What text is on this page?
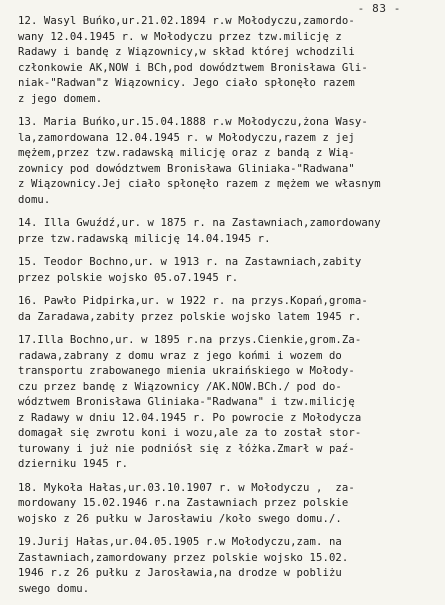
- 83 -
12. Wasyl Buńko,ur.21.02.1894 r.w Mołodyczu,zamordo-
wany 12.04.1945 r. w Mołodyczu przez tzw.milicję z
Radawy i bandę z Wiązownicy,w skład której wchodzili
członkowie AK,NOW i BCh,pod dowództwem Bronisława Gli-
niak-"Radwan"z Wiązownicy. Jego ciało spłonęło razem
z jego domem.
13. Maria Buńko,ur.15.04.1888 r.w Mołodyczu,żona Wasy-
la,zamordowana 12.04.1945 r. w Mołodyczu,razem z jej
mężem,przez tzw.radawską milicję oraz z bandą z Wią-
zownicy pod dowództwem Bronisława Gliniaka-"Radwana"
z Wiązownicy.Jej ciało spłonęło razem z mężem we własnym
domu.
14. Illa Gwuźdź,ur. w 1875 r. na Zastawniach,zamordowany
prze tzw.radawską milicję 14.04.1945 r.
15. Teodor Bochno,ur. w 1913 r. na Zastawniach,zabity
przez polskie wojsko 05.o7.1945 r.
16. Pawło Pidpirka,ur. w 1922 r. na przys.Kopań,groma-
da Zaradawa,zabity przez polskie wojsko latem 1945 r.
17.Illa Bochno,ur. w 1895 r.na przys.Cienkie,grom.Za-
radawa,zabrany z domu wraz z jego końmi i wozem do
transportu zrabowanego mienia ukraińskiego w Mołody-
czu przez bandę z Wiązownicy /AK.NOW.BCh./ pod do-
wództwem Bronisława Gliniaka-"Radwana" i tzw.milicję
z Radawy w dniu 12.04.1945 r. Po powrocie z Mołodycza
domagał się zwrotu koni i wozu,ale za to został stor-
turowany i już nie podniósł się z łóżka.Zmarł w paź-
dzierniku 1945 r.
18. Mykoła Hałas,ur.03.10.1907 r. w Mołodyczu ,  za-
mordowany 15.02.1946 r.na Zastawniach przez polskie
wojsko z 26 pułku w Jarosławiu /koło swego domu./.
19.Jurij Hałas,ur.04.05.1905 r.w Mołodyczu,zam. na
Zastawniach,zamordowany przez polskie wojsko 15.02.
1946 r.z 26 pułku z Jarosławia,na drodze w pobliżu
swego domu.
